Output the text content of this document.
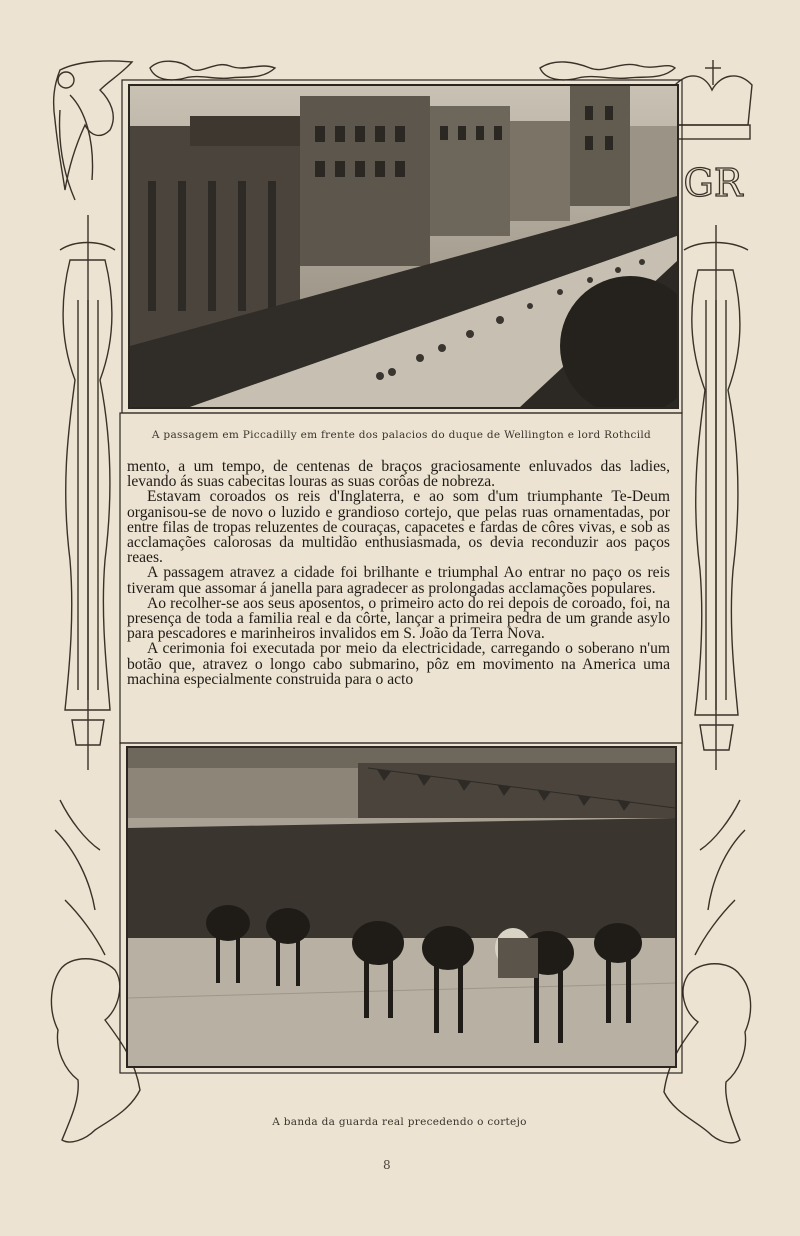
GR
A passagem em Piccadilly em frente dos palacios do duque de Wellington e lord Rothcild

mento, a um tempo, de centenas de braços graciosamente enluvados das ladies, levando ás suas cabecitas louras as suas corôas de nobreza.

Estavam coroados os reis d'Inglaterra, e ao som d'um triumphante Te-Deum organisou-se de novo o luzido e grandioso cortejo, que pelas ruas ornamentadas, por entre filas de tropas reluzentes de couraças, capacetes e fardas de côres vivas, e sob as acclamações calorosas da multidão enthusiasmada, os devia reconduzir aos paços reaes.

A passagem atravez a cidade foi brilhante e triumphal Ao entrar no paço os reis tiveram que assomar á janella para agradecer as prolongadas acclamações populares.

Ao recolher-se aos seus aposentos, o primeiro acto do rei depois de coroado, foi, na presença de toda a familia real e da côrte, lançar a primeira pedra de um grande asylo para pescadores e marinheiros invalidos em S. João da Terra Nova.

A cerimonia foi executada por meio da electricidade, carregando o soberano n'um botão que, atravez o longo cabo submarino, pôz em movimento na America uma machina especialmente construida para o acto

A banda da guarda real precedendo o cortejo
8
